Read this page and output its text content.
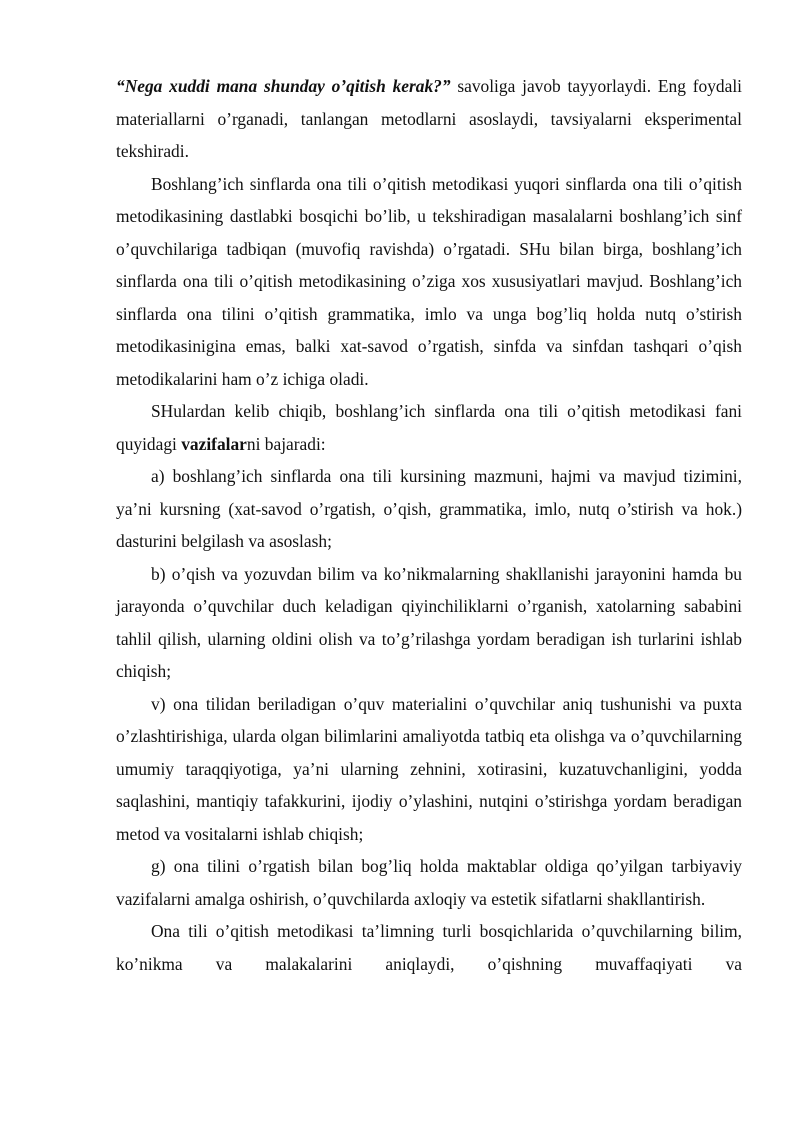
“Nega xuddi mana shunday o’qitish kerak?” savoliga javob tayyorlaydi. Eng foydali materiallarni o’rganadi, tanlangan metodlarni asoslaydi, tavsiyalarni eksperimental tekshiradi.

Boshlang’ich sinflarda ona tili o’qitish metodikasi yuqori sinflarda ona tili o’qitish metodikasining dastlabki bosqichi bo’lib, u tekshiradigan masalalarni boshlang’ich sinf o’quvchilariga tadbiqan (muvofiq ravishda) o’rgatadi. SHu bilan birga, boshlang’ich sinflarda ona tili o’qitish metodikasining o’ziga xos xususiyatlari mavjud. Boshlang’ich sinflarda ona tilini o’qitish grammatika, imlo va unga bog’liq holda nutq o’stirish metodikasinigina emas, balki xat-savod o’rgatish, sinfda va sinfdan tashqari o’qish metodikalarini ham o’z ichiga oladi.

SHulardan kelib chiqib, boshlang’ich sinflarda ona tili o’qitish metodikasi fani quyidagi vazifalarni bajaradi:

a) boshlang’ich sinflarda ona tili kursining mazmuni, hajmi va mavjud tizimini, ya’ni kursning (xat-savod o’rgatish, o’qish, grammatika, imlo, nutq o’stirish va hok.) dasturini belgilash va asoslash;

b) o’qish va yozuvdan bilim va ko’nikmalarning shakllanishi jarayonini hamda bu jarayonda o’quvchilar duch keladigan qiyinchiliklarni o’rganish, xatolarning sababini tahlil qilish, ularning oldini olish va to’g’rilashga yordam beradigan ish turlarini ishlab chiqish;

v) ona tilidan beriladigan o’quv materialini o’quvchilar aniq tushunishi va puxta o’zlashtirishiga, ularda olgan bilimlarini amaliyotda tatbiq eta olishga va o’quvchilarning umumiy taraqqiyotiga, ya’ni ularning zehnini, xotirasini, kuzatuvchanligini, yodda saqlashini, mantiqiy tafakkurini, ijodiy o’ylashini, nutqini o’stirishga yordam beradigan metod va vositalarni ishlab chiqish;

g) ona tilini o’rgatish bilan bog’liq holda maktablar oldiga qo’yilgan tarbiyaviy vazifalarni amalga oshirish, o’quvchilarda axloqiy va estetik sifatlarni shakllantirish.

Ona tili o’qitish metodikasi ta’limning turli bosqichlarida o’quvchilarning bilim, ko’nikma va malakalarini aniqlaydi, o’qishning muvaffaqiyati va
